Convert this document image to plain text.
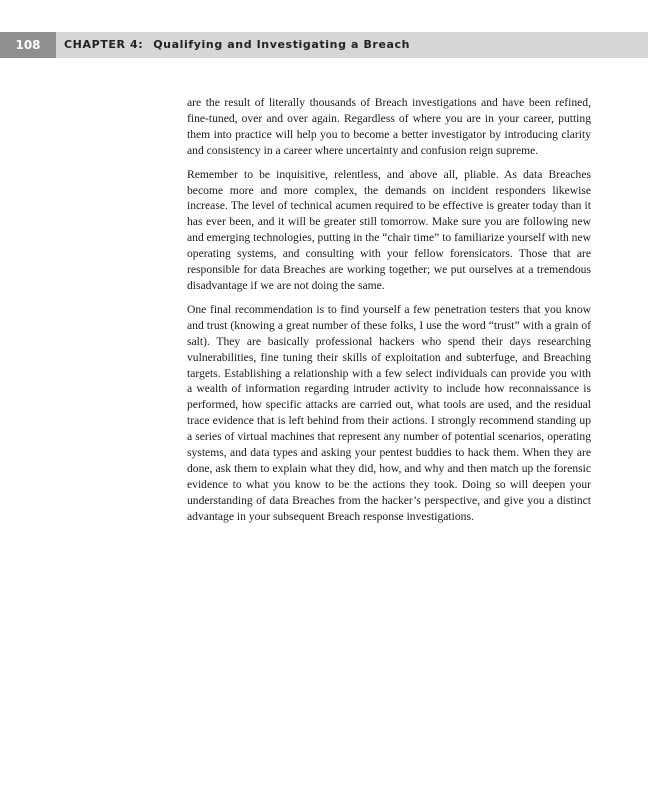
108	CHAPTER 4: Qualifying and Investigating a Breach

are the result of literally thousands of Breach investigations and have been refined, fine-tuned, over and over again. Regardless of where you are in your career, putting them into practice will help you to become a better investigator by introducing clarity and consistency in a career where uncertainty and confusion reign supreme.

Remember to be inquisitive, relentless, and above all, pliable. As data Breaches become more and more complex, the demands on incident responders likewise increase. The level of technical acumen required to be effective is greater today than it has ever been, and it will be greater still tomorrow. Make sure you are following new and emerging technologies, putting in the “chair time” to familiarize yourself with new operating systems, and consulting with your fellow forensicators. Those that are responsible for data Breaches are working together; we put ourselves at a tremendous disadvantage if we are not doing the same.

One final recommendation is to find yourself a few penetration testers that you know and trust (knowing a great number of these folks, I use the word “trust” with a grain of salt). They are basically professional hackers who spend their days researching vulnerabilities, fine tuning their skills of exploitation and subterfuge, and Breaching targets. Establishing a relationship with a few select individuals can provide you with a wealth of information regarding intruder activity to include how reconnaissance is performed, how specific attacks are carried out, what tools are used, and the residual trace evidence that is left behind from their actions. I strongly recommend standing up a series of virtual machines that represent any number of potential scenarios, operating systems, and data types and asking your pentest buddies to hack them. When they are done, ask them to explain what they did, how, and why and then match up the forensic evidence to what you know to be the actions they took. Doing so will deepen your understanding of data Breaches from the hacker’s perspective, and give you a distinct advantage in your subsequent Breach response investigations.
